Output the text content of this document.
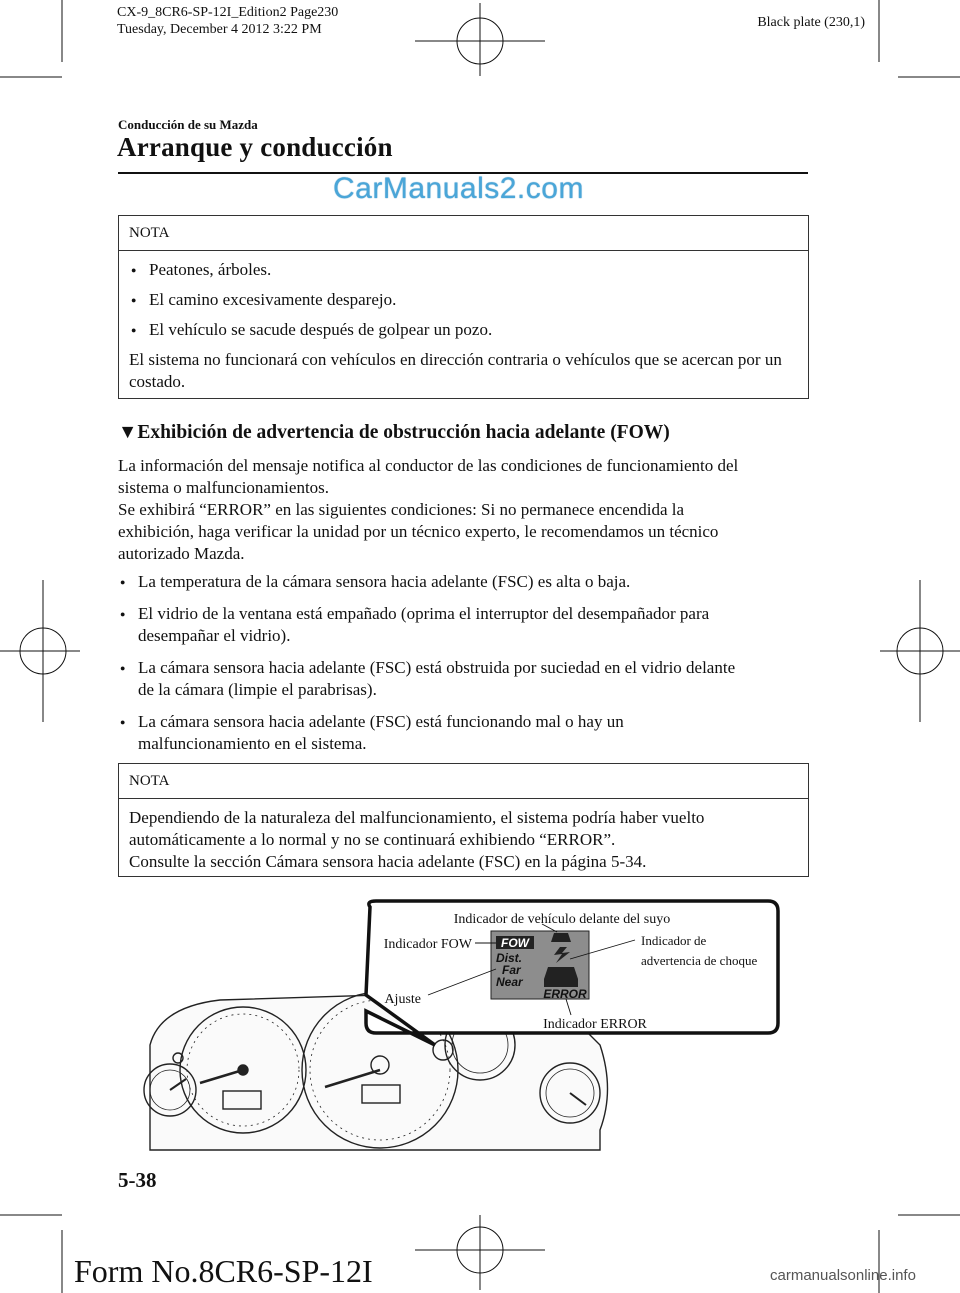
CX-9_8CR6-SP-12I_Edition2 Page230
Tuesday, December 4 2012 3:22 PM	Black plate (230,1)
Conducción de su Mazda
Arranque y conducción
CarManuals2.com
NOTA
● Peatones, árboles.
● El camino excesivamente desparejo.
● El vehículo se sacude después de golpear un pozo.
El sistema no funcionará con vehículos en dirección contraria o vehículos que se acercan por un costado.
▼Exhibición de advertencia de obstrucción hacia adelante (FOW)
La información del mensaje notifica al conductor de las condiciones de funcionamiento del
sistema o malfuncionamientos.
Se exhibirá “ERROR” en las siguientes condiciones: Si no permanece encendida la
exhibición, haga verificar la unidad por un técnico experto, le recomendamos un técnico
autorizado Mazda.
● La temperatura de la cámara sensora hacia adelante (FSC) es alta o baja.
● El vidrio de la ventana está empañado (oprima el interruptor del desempañador para
desempañar el vidrio).
● La cámara sensora hacia adelante (FSC) está obstruida por suciedad en el vidrio delante
de la cámara (limpie el parabrisas).
● La cámara sensora hacia adelante (FSC) está funcionando mal o hay un
malfuncionamiento en el sistema.
NOTA
Dependiendo de la naturaleza del malfuncionamiento, el sistema podría haber vuelto
automáticamente a lo normal y no se continuará exhibiendo “ERROR”.
Consulte la sección Cámara sensora hacia adelante (FSC) en la página 5-34.
FOW
Dist.
Far
Near
ERROR
Indicador de vehículo delante del suyo
Indicador FOW	Indicador de
advertencia de choque
Ajuste
Indicador ERROR
5-38
Form No.8CR6-SP-12I	carmanualsonline.info
